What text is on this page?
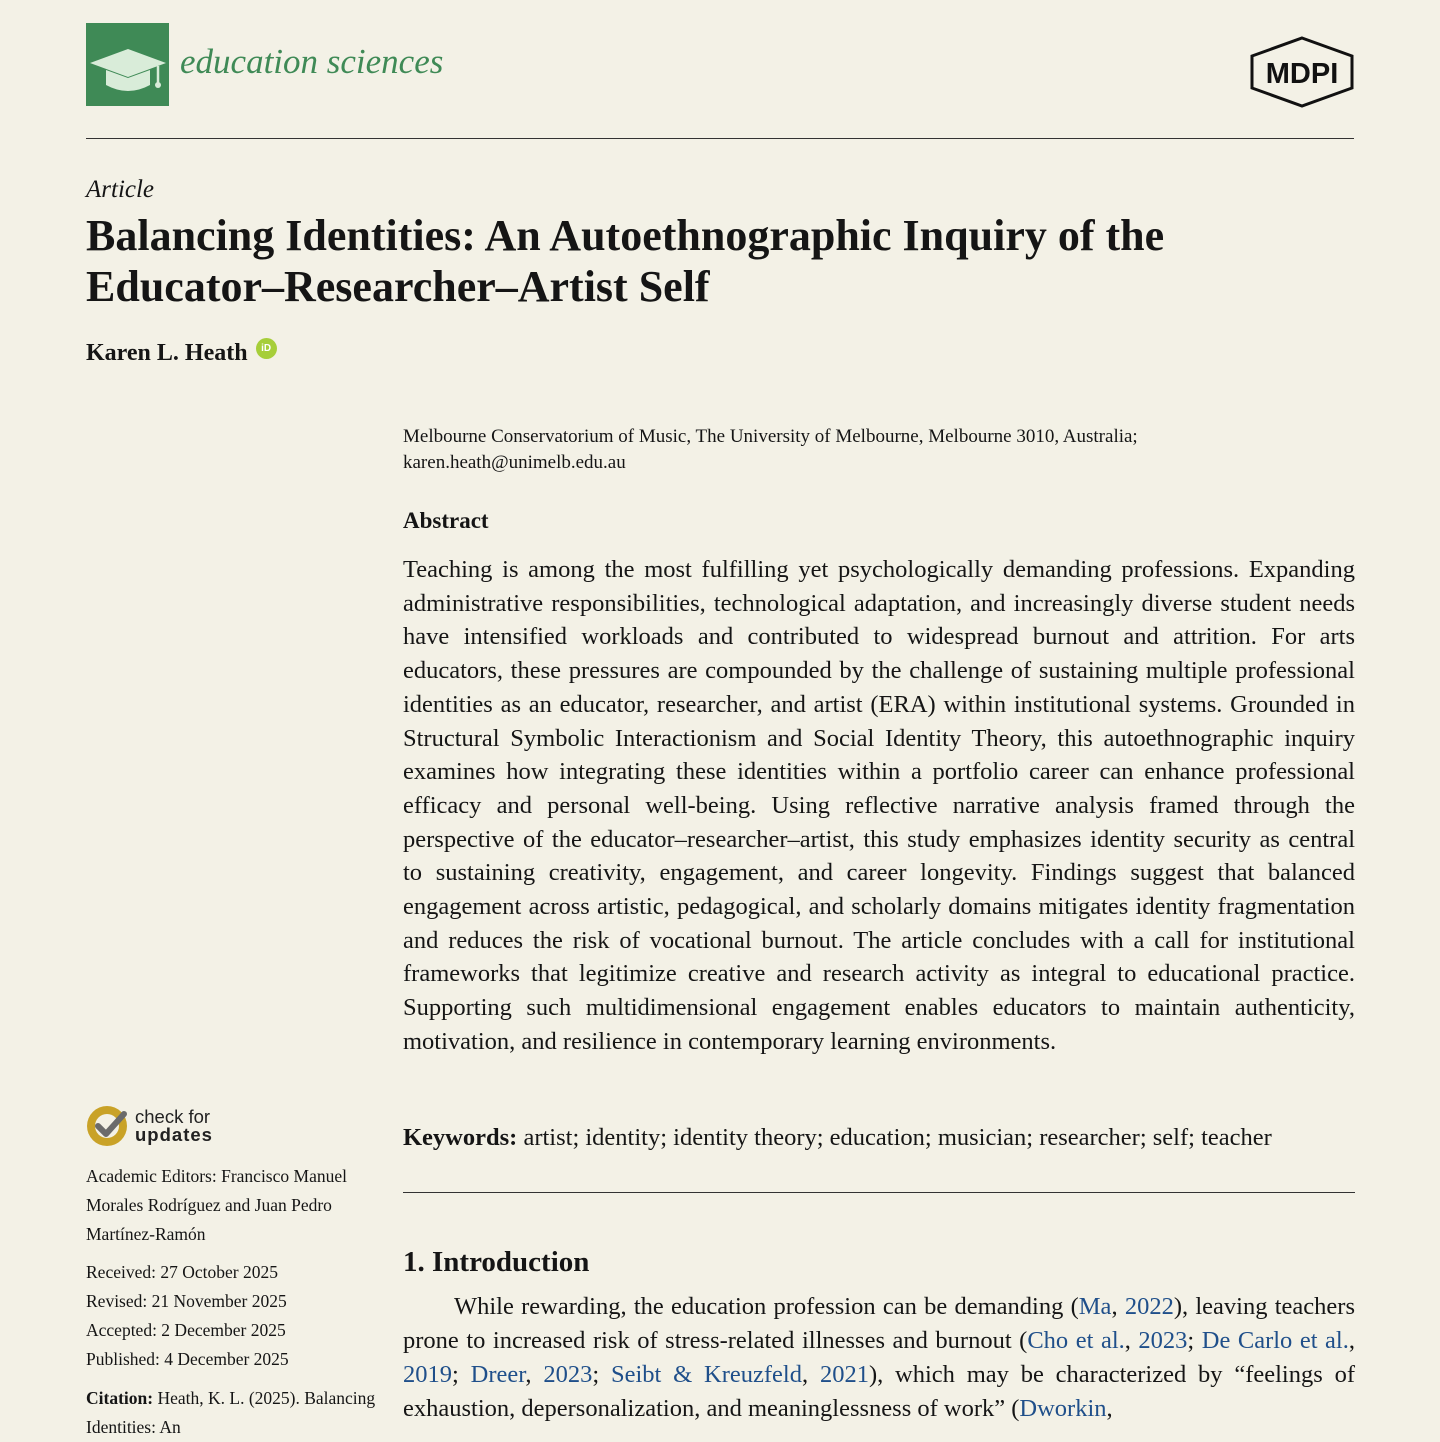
education sciences	MDPI
Article
Balancing Identities: An Autoethnographic Inquiry of the Educator–Researcher–Artist Self
Karen L. Heath	iD
Melbourne Conservatorium of Music, The University of Melbourne, Melbourne 3010, Australia;
karen.heath@unimelb.edu.au
Abstract

Teaching is among the most fulfilling yet psychologically demanding professions. Expanding administrative responsibilities, technological adaptation, and increasingly diverse student needs have intensified workloads and contributed to widespread burnout and attrition. For arts educators, these pressures are compounded by the challenge of sustaining multiple professional identities as an educator, researcher, and artist (ERA) within institutional systems. Grounded in Structural Symbolic Interactionism and Social Identity Theory, this autoethnographic inquiry examines how integrating these identities within a portfolio career can enhance professional efficacy and personal well-being. Using reflective narrative analysis framed through the perspective of the educator–researcher–artist, this study emphasizes identity security as central to sustaining creativity, engagement, and career longevity. Findings suggest that balanced engagement across artistic, pedagogical, and scholarly domains mitigates identity fragmentation and reduces the risk of vocational burnout. The article concludes with a call for institutional frameworks that legitimize creative and research activity as integral to educational practice. Supporting such multidimensional engagement enables educators to maintain authenticity, motivation, and resilience in contemporary learning environments.

Keywords: artist; identity; identity theory; education; musician; researcher; self; teacher
1. Introduction

While rewarding, the education profession can be demanding (Ma, 2022), leaving teachers prone to increased risk of stress-related illnesses and burnout (Cho et al., 2023; De Carlo et al., 2019; Dreer, 2023; Seibt & Kreuzfeld, 2021), which may be characterized by “feelings of exhaustion, depersonalization, and meaninglessness of work” (Dworkin,

check for
updates
Academic Editors: Francisco Manuel Morales Rodríguez and Juan Pedro Martínez-Ramón
Received: 27 October 2025
Revised: 21 November 2025
Accepted: 2 December 2025
Published: 4 December 2025
Citation: Heath, K. L. (2025). Balancing Identities: An
